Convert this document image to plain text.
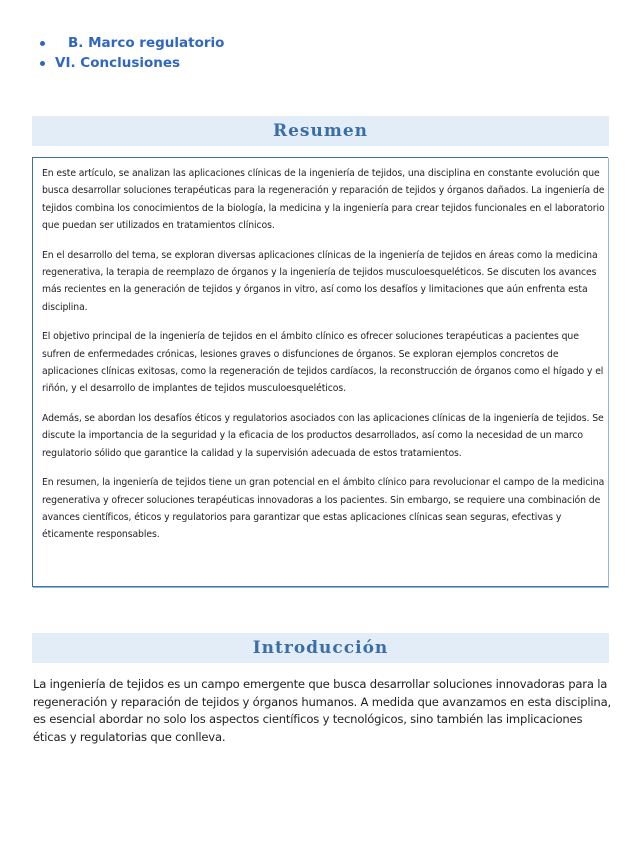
B. Marco regulatorio
VI. Conclusiones
Resumen

En este artículo, se analizan las aplicaciones clínicas de la ingeniería de tejidos, una disciplina en constante evolución que busca desarrollar soluciones terapéuticas para la regeneración y reparación de tejidos y órganos dañados. La ingeniería de tejidos combina los conocimientos de la biología, la medicina y la ingeniería para crear tejidos funcionales en el laboratorio que puedan ser utilizados en tratamientos clínicos.

En el desarrollo del tema, se exploran diversas aplicaciones clínicas de la ingeniería de tejidos en áreas como la medicina regenerativa, la terapia de reemplazo de órganos y la ingeniería de tejidos musculoesqueléticos. Se discuten los avances más recientes en la generación de tejidos y órganos in vitro, así como los desafíos y limitaciones que aún enfrenta esta disciplina.

El objetivo principal de la ingeniería de tejidos en el ámbito clínico es ofrecer soluciones terapéuticas a pacientes que sufren de enfermedades crónicas, lesiones graves o disfunciones de órganos. Se exploran ejemplos concretos de aplicaciones clínicas exitosas, como la regeneración de tejidos cardíacos, la reconstrucción de órganos como el hígado y el riñón, y el desarrollo de implantes de tejidos musculoesqueléticos.

Además, se abordan los desafíos éticos y regulatorios asociados con las aplicaciones clínicas de la ingeniería de tejidos. Se discute la importancia de la seguridad y la eficacia de los productos desarrollados, así como la necesidad de un marco regulatorio sólido que garantice la calidad y la supervisión adecuada de estos tratamientos.

En resumen, la ingeniería de tejidos tiene un gran potencial en el ámbito clínico para revolucionar el campo de la medicina regenerativa y ofrecer soluciones terapéuticas innovadoras a los pacientes. Sin embargo, se requiere una combinación de avances científicos, éticos y regulatorios para garantizar que estas aplicaciones clínicas sean seguras, efectivas y éticamente responsables.

Introducción

La ingeniería de tejidos es un campo emergente que busca desarrollar soluciones innovadoras para la regeneración y reparación de tejidos y órganos humanos. A medida que avanzamos en esta disciplina, es esencial abordar no solo los aspectos científicos y tecnológicos, sino también las implicaciones éticas y regulatorias que conlleva.
